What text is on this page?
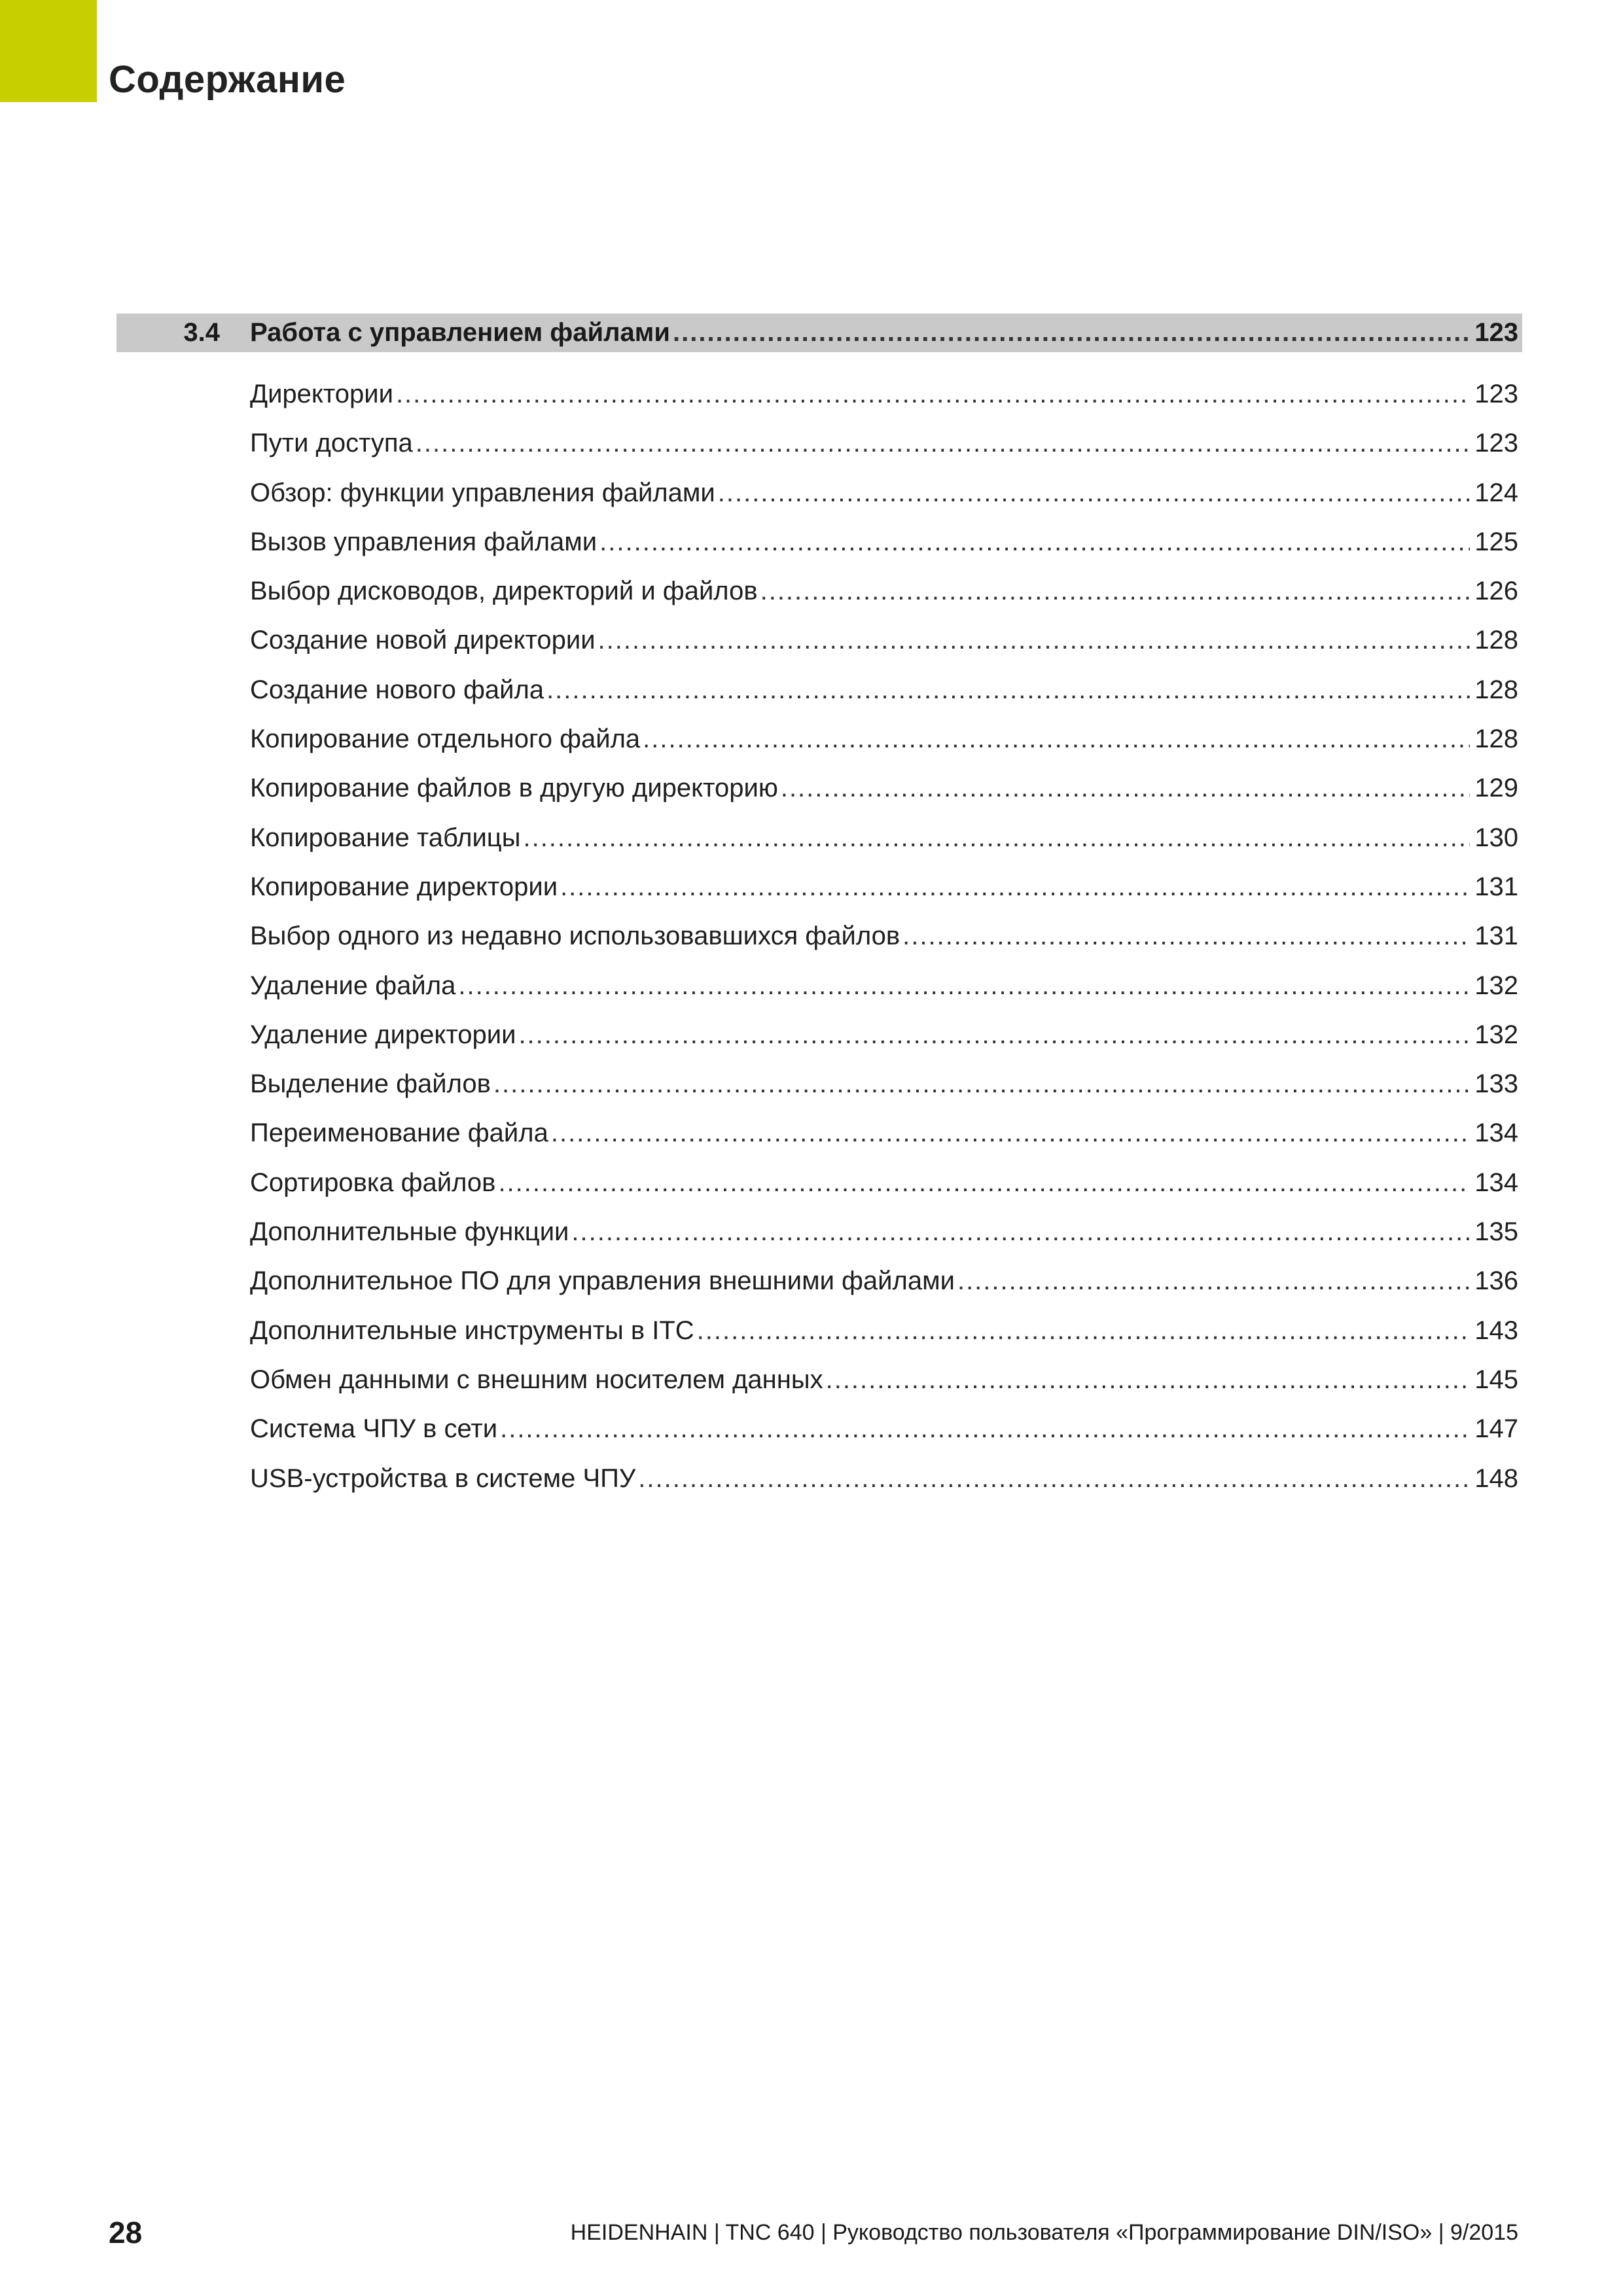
Содержание
3.4	Работа с управлением файлами .....	123
Директории .....	123
Пути доступа .....	123
Обзор: функции управления файлами .....	124
Вызов управления файлами .....	125
Выбор дисководов, директорий и файлов .....	126
Создание новой директории .....	128
Создание нового файла .....	128
Копирование отдельного файла .....	128
Копирование файлов в другую директорию .....	129
Копирование таблицы .....	130
Копирование директории .....	131
Выбор одного из недавно использовавшихся файлов .....	131
Удаление файла .....	132
Удаление директории .....	132
Выделение файлов .....	133
Переименование файла .....	134
Сортировка файлов .....	134
Дополнительные функции .....	135
Дополнительное ПО для управления внешними файлами .....	136
Дополнительные инструменты в ITC .....	143
Обмен данными с внешним носителем данных .....	145
Система ЧПУ в сети .....	147
USB-устройства в системе ЧПУ .....	148
28	HEIDENHAIN | TNC 640 | Руководство пользователя «Программирование DIN/ISO» | 9/2015
